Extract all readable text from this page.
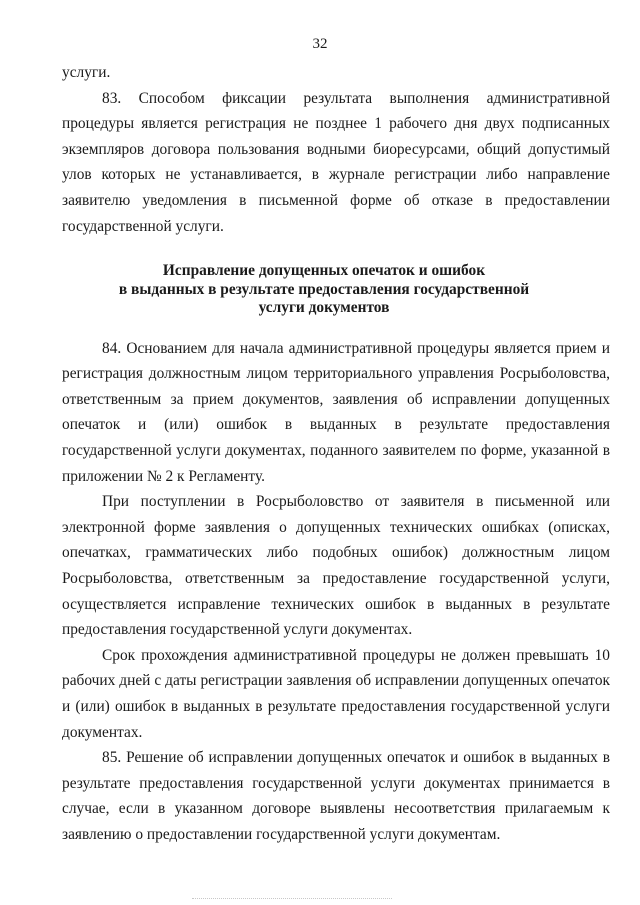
32

услуги.

83. Способом фиксации результата выполнения административной процедуры является регистрация не позднее 1 рабочего дня двух подписанных экземпляров договора пользования водными биоресурсами, общий допустимый улов которых не устанавливается, в журнале регистрации либо направление заявителю уведомления в письменной форме об отказе в предоставлении государственной услуги.

Исправление допущенных опечаток и ошибок
в выданных в результате предоставления государственной
услуги документов

84. Основанием для начала административной процедуры является прием и регистрация должностным лицом территориального управления Росрыболовства, ответственным за прием документов, заявления об исправлении допущенных опечаток и (или) ошибок в выданных в результате предоставления государственной услуги документах, поданного заявителем по форме, указанной в приложении № 2 к Регламенту.

При поступлении в Росрыболовство от заявителя в письменной или электронной форме заявления о допущенных технических ошибках (описках, опечатках, грамматических либо подобных ошибок) должностным лицом Росрыболовства, ответственным за предоставление государственной услуги, осуществляется исправление технических ошибок в выданных в результате предоставления государственной услуги документах.

Срок прохождения административной процедуры не должен превышать 10 рабочих дней с даты регистрации заявления об исправлении допущенных опечаток и (или) ошибок в выданных в результате предоставления государственной услуги документах.

85. Решение об исправлении допущенных опечаток и ошибок в выданных в результате предоставления государственной услуги документах принимается в случае, если в указанном договоре выявлены несоответствия прилагаемым к заявлению о предоставлении государственной услуги документам.
